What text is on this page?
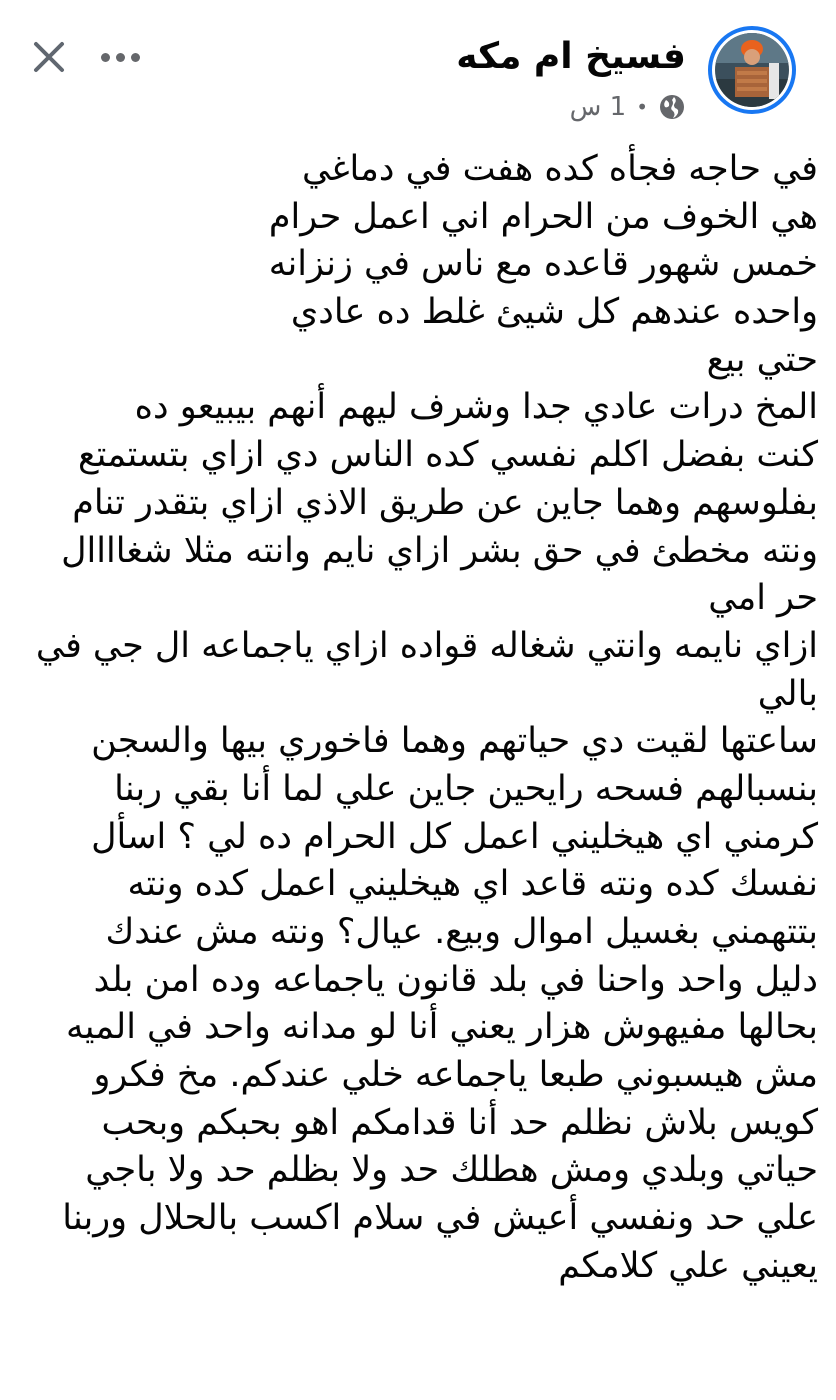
فسيخ ام مكه
1 س •
في حاجه فجأه كده هفت في دماغي
هي الخوف من الحرام اني اعمل حرام
خمس شهور قاعده مع ناس في زنزانه
واحده عندهم كل شيئ غلط ده عادي
حتي بيع
المخ درات عادي جدا وشرف ليهم أنهم بيبيعو ده
كنت بفضل اكلم نفسي كده الناس دي ازاي بتستمتع
بفلوسهم وهما جاين عن طريق الاذي ازاي بتقدر تنام
ونته مخطئ في حق بشر ازاي نايم وانته مثلا شغاااال
حر امي
ازاي نايمه وانتي شغاله قواده ازاي ياجماعه ال جي في
بالي
ساعتها لقيت دي حياتهم وهما فاخوري بيها والسجن
بنسبالهم فسحه رايحين جاين علي لما أنا بقي ربنا
كرمني اي هيخليني اعمل كل الحرام ده لي ؟ اسأل
نفسك كده ونته قاعد اي هيخليني اعمل كده ونته
بتتهمني بغسيل اموال وبيع. عيال؟ ونته مش عندك
دليل واحد واحنا في بلد قانون ياجماعه وده امن بلد
بحالها مفيهوش هزار يعني أنا لو مدانه واحد في الميه
مش هيسبوني طبعا ياجماعه خلي عندكم. مخ فكرو
كويس بلاش نظلم حد أنا قدامكم اهو بحبكم وبحب
حياتي وبلدي ومش هطلك حد ولا بظلم حد ولا باجي
علي حد ونفسي أعيش في سلام اكسب بالحلال وربنا
يعيني علي كلامكم
